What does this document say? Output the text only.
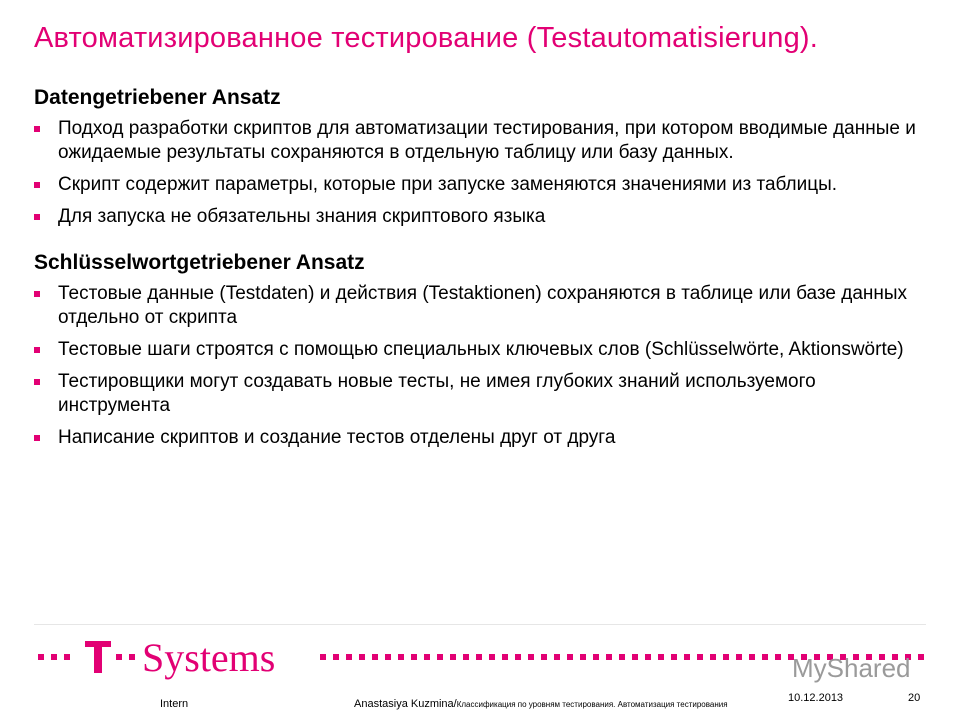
Автоматизированное тестирование (Testautomatisierung).
Datengetriebener Ansatz
Подход разработки скриптов для автоматизации тестирования, при котором вводимые данные и ожидаемые результаты сохраняются в отдельную таблицу или базу данных.
Скрипт содержит параметры, которые при запуске заменяются значениями из таблицы.
Для запуска не обязательны знания скриптового языка
Schlüsselwortgetriebener Ansatz
Тестовые данные (Testdaten) и действия (Testaktionen) сохраняются в таблице или базе данных отдельно от скрипта
Тестовые шаги строятся с помощью специальных ключевых слов (Schlüsselwörte, Aktionswörte)
Тестировщики могут создавать новые тесты, не имея глубоких знаний используемого инструмента
Написание скриптов и создание тестов отделены друг от друга
Systems	MyShared
Intern	Anastasiya Kuzmina/Классификация по уровням тестирования. Автоматизация тестирования
10.12.2013	20
